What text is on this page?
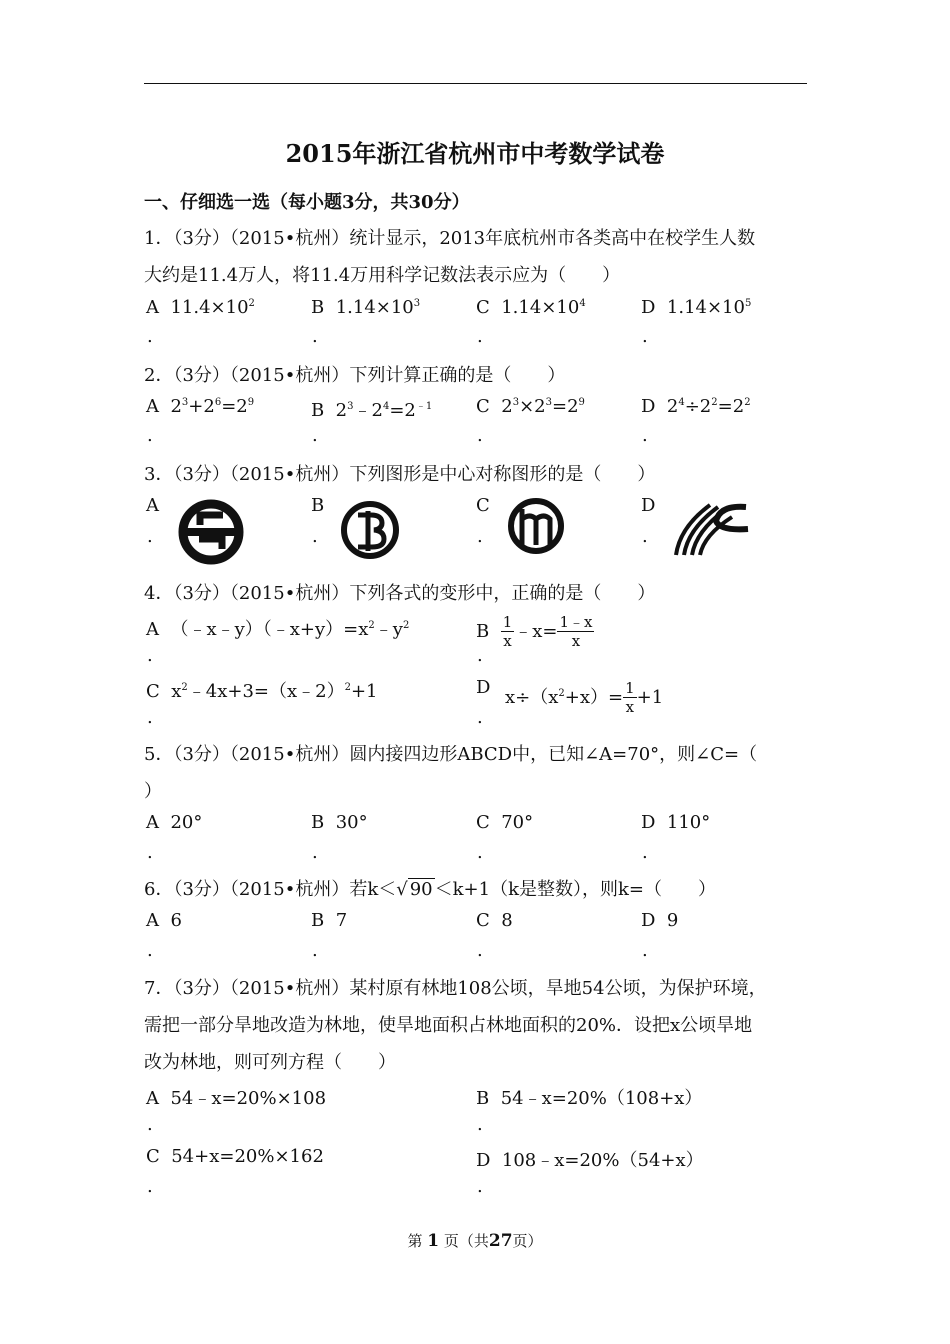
2015年浙江省杭州市中考数学试卷
一、仔细选一选（每小题3分，共30分）
1．（3分）（2015•杭州）统计显示，2013年底杭州市各类高中在校学生人数
大约是11.4万人，将11.4万用科学记数法表示应为（　　）
A $11.4\times 10^2$	B $1.14\times 10^3$	C $1.14\times 10^4$	D $1.14\times 10^5$
.	.	.	.
2．（3分）（2015•杭州）下列计算正确的是（　　）
A  $2^3+2^6=2^9$	B  $2^3﹣2^4=2^{﹣1}$ C  $2^3\times 2^3=2^9$	D  $2^4\div 2^2=2^2$
.	.	.	.
3．（3分）（2015•杭州）下列图形是中心对称图形的是（　　）
A	B	C	D
.	.	.	.
4．（3分）（2015•杭州）下列各式的变形中，正确的是（　　）
A  $(﹣x﹣y)(﹣x+y)=x^2﹣y^2$	B $\frac{1}{x}$ ﹣x= $\frac{1﹣x}{x}$
.	.
C  $x^2﹣4x+3=(x﹣2)^2+1$	D $x\div(x^2+x)= \frac{1}{x} +1$
.	.
5．（3分）（2015•杭州）圆内接四边形ABCD中，已知∠A=70°，则∠C=（
）
A 20°	B 30°	C 70°	D 110°
.	.	.	.
6．（3分）（2015•杭州）若k＜√ 90 ＜k+1（k是整数），则k=（　　）
A 6	B 7	C 8	D 9
.	.	.	.
7．（3分）（2015•杭州）某村原有林地108公顷，旱地54公顷，为保护环境，
需把一部分旱地改造为林地，使旱地面积占林地面积的20%．设把x公顷旱地
改为林地，则可列方程（　　）
A 54﹣x=20%×108	B 54﹣x=20%（108+x）
.	.
C 54+x=20%×162	D 108﹣x=20%（54+x）
.	.
第 1 页（共27页）
